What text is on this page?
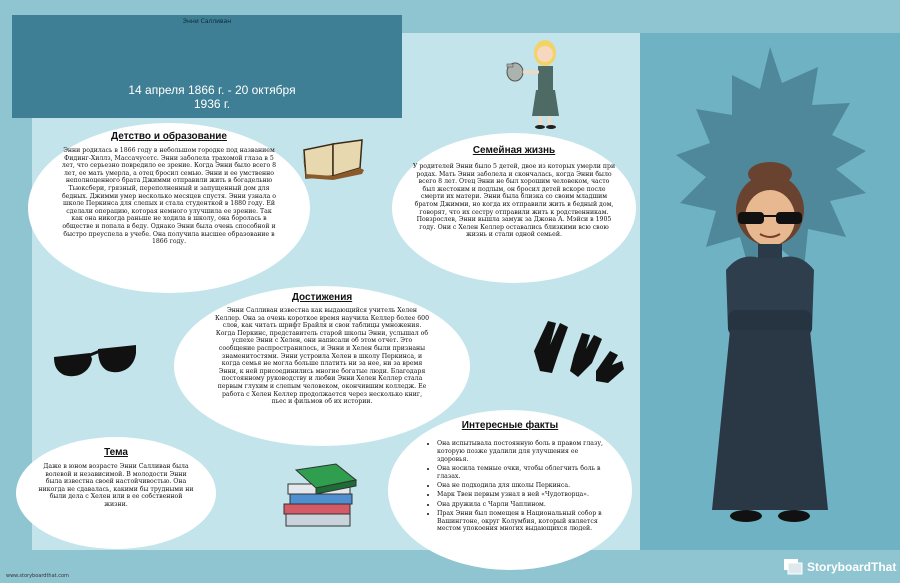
Энни Салливан
14 апреля 1866 г. - 20 октября
1936 г.
Детство и образование

Энни родилась в 1866 году в небольшом городке под названием Фидинг-Хиллз, Массачусетс. Энни заболела трахомой глаза в 5 лет, что серьезно повредило ее зрение. Когда Энни было всего 8 лет, ее мать умерла, а отец бросил семью. Энни и ее умственно неполноценного брата Джимми отправили жить в богадельню Тьюксбери, грязный, переполненный и запущенный дом для бедных. Джимми умер несколько месяцев спустя. Энни узнала о школе Перкинса для слепых и стала студенткой в 1880 году. Ей сделали операцию, которая немного улучшила ее зрение. Так как она никогда раньше не ходила в школу, она боролась в обществе и попала в беду. Однако Энни была очень способной и быстро преуспела в учебе. Она получила высшее образование в 1866 году.

Семейная жизнь

У родителей Энни было 5 детей, двое из которых умерли при родах. Мать Энни заболела и скончалась, когда Энни было всего 8 лет. Отец Энни не был хорошим человеком, часто был жестоким и подлым, он бросил детей вскоре после смерти их матери. Энни была близка со своим младшим братом Джимми, но когда их отправили жить в бедный дом, говорят, что их сестру отправили жить к родственникам. Повзрослев, Энни вышла замуж за Джона А. Мэйси в 1905 году. Они с Хелен Келлер оставались близкими всю свою жизнь и стали одной семьей.

Достижения

Энни Салливан известна как выдающийся учитель Хелен Келлер. Она за очень короткое время научила Келлер более 600 слов, как читать шрифт Брайля и свои таблицы умножения. Когда Перкинс, представитель старой школы Энни, услышал об успехе Энни с Хелен, они написали об этом отчет. Это сообщение распространилось, и Энни и Хелен были признаны знаменитостями. Энни устроила Хелен в школу Перкинса, и когда семья не могла больше платить ни за нее, ни за время Энни, к ней присоединились многие богатые люди. Благодаря постоянному руководству и любви Энни Хелен Келлер стала первым глухим и слепым человеком, окончившим колледж. Ее работа с Хелен Келлер продолжается через несколько книг, пьес и фильмов об их истории.

Тема

Даже в юном возрасте Энни Салливан была волевой и независимой. В молодости Энни была известна своей настойчивостью. Она никогда не сдавалась, какими бы трудными ни были дела с Хелен или в ее собственной жизни.

Интересные факты
• Она испытывала постоянную боль в правом глазу, которую позже удалили для улучшения ее здоровья.
• Она носила темные очки, чтобы облегчить боль в глазах.
• Она не подходила для школы Перкинса.
• Марк Твен первым узнал в ней «Чудотворца».
• Она дружила с Чарли Чаплином.
• Прах Энни был помещен в Национальный собор в Вашингтоне, округ Колумбия, который является местом упокоения многих выдающихся людей.
www.storyboardthat.com
StoryboardThat
